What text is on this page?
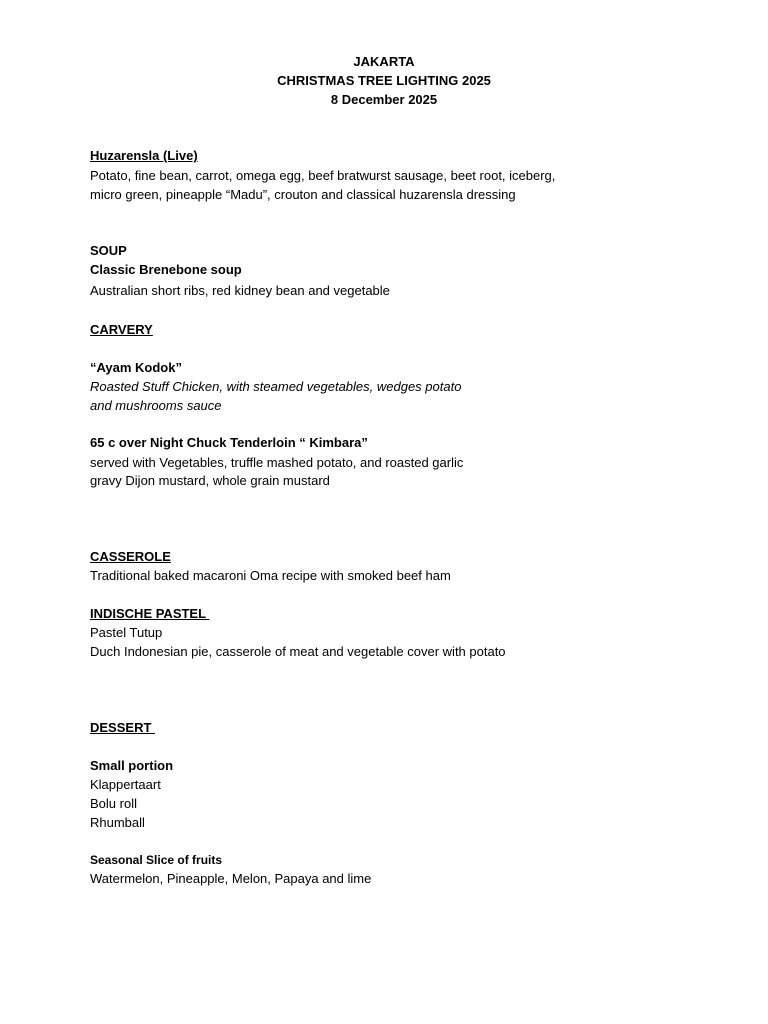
JAKARTA
CHRISTMAS TREE LIGHTING 2025
8 December 2025
Huzarensla (Live)
Potato, fine bean, carrot, omega egg, beef bratwurst sausage, beet root, iceberg,
micro green, pineapple “Madu”, crouton and classical huzarensla dressing
SOUP
Classic Brenebone soup
Australian short ribs, red kidney bean and vegetable
CARVERY
“Ayam Kodok”
Roasted Stuff Chicken, with steamed vegetables, wedges potato
and mushrooms sauce
65 c over Night Chuck Tenderloin “ Kimbara”
served with Vegetables, truffle mashed potato, and roasted garlic
gravy Dijon mustard, whole grain mustard
CASSEROLE
Traditional baked macaroni Oma recipe with smoked beef ham
INDISCHE PASTEL
Pastel Tutup
Duch Indonesian pie, casserole of meat and vegetable cover with potato
DESSERT
Small portion
Klappertaart
Bolu roll
Rhumball
Seasonal Slice of fruits
Watermelon, Pineapple, Melon, Papaya and lime
